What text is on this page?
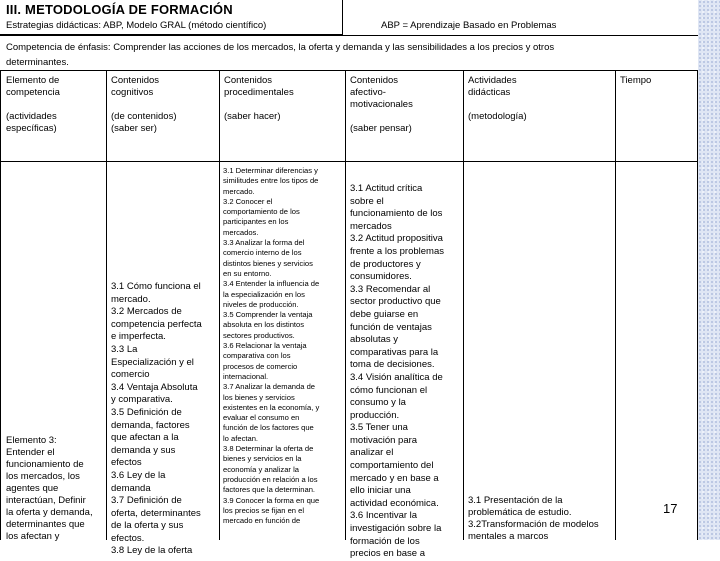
III. METODOLOGÍA DE FORMACIÓN
Estrategias didácticas: ABP, Modelo GRAL (método científico)	ABP = Aprendizaje Basado en Problemas
Competencia de énfasis: Comprender las acciones de los mercados, la oferta y demanda y las sensibilidades a los precios y otros determinantes.
Elemento de
competencia
(actividades
específicas)
Contenidos
cognitivos
(de contenidos)
(saber ser)
Contenidos
procedimentales
(saber hacer)
Contenidos
afectivo-
motivacionales
(saber pensar)
Actividades
didácticas
(metodología)
Tiempo
Elemento 3:
Entender el
funcionamiento de
los mercados, los
agentes que
interactúan, Definir
la oferta y demanda,
determinantes que
los afectan y
3.1 Cómo funciona el
mercado.
3.2 Mercados de
competencia perfecta
e imperfecta.
3.3 La
Especialización y el
comercio
3.4 Ventaja Absoluta
y comparativa.
3.5 Definición de
demanda, factores
que afectan a la
demanda y sus
efectos
3.6 Ley de la
demanda
3.7 Definición de
oferta, determinantes
de la oferta y sus
efectos.
3.8 Ley de la oferta
3.1 Determinar diferencias y
similitudes entre los tipos de
mercado.
3.2 Conocer el
comportamiento de los
participantes en los
mercados.
3.3 Analizar la forma del
comercio interno de los
distintos bienes y servicios
en su entorno.
3.4 Entender la influencia de
la especialización en los
niveles de producción.
3.5 Comprender la ventaja
absoluta en los distintos
sectores productivos.
3.6 Relacionar la ventaja
comparativa con los
procesos de comercio
internacional.
3.7 Analizar la demanda de
los bienes y servicios
existentes en la economía, y
evaluar el consumo en
función de los factores que
lo afectan.
3.8 Determinar la oferta de
bienes y servicios en la
economía y analizar la
producción en relación a los
factores que la determinan.
3.9 Conocer la forma en que
los precios se fijan en el
mercado en función de
3.1 Actitud crítica
sobre el
funcionamiento de los
mercados
3.2 Actitud propositiva
frente a los problemas
de productores y
consumidores.
3.3 Recomendar al
sector productivo que
debe guiarse en
función de ventajas
absolutas y
comparativas para la
toma de decisiones.
3.4 Visión analítica de
cómo funcionan el
consumo y la
producción.
3.5 Tener una
motivación para
analizar el
comportamiento del
mercado y en base a
ello iniciar una
actividad económica.
3.6 Incentivar la
investigación sobre la
formación de los
precios en base a
3.1 Presentación de la
problemática de estudio.
3.2Transformación de modelos
mentales a marcos
17
